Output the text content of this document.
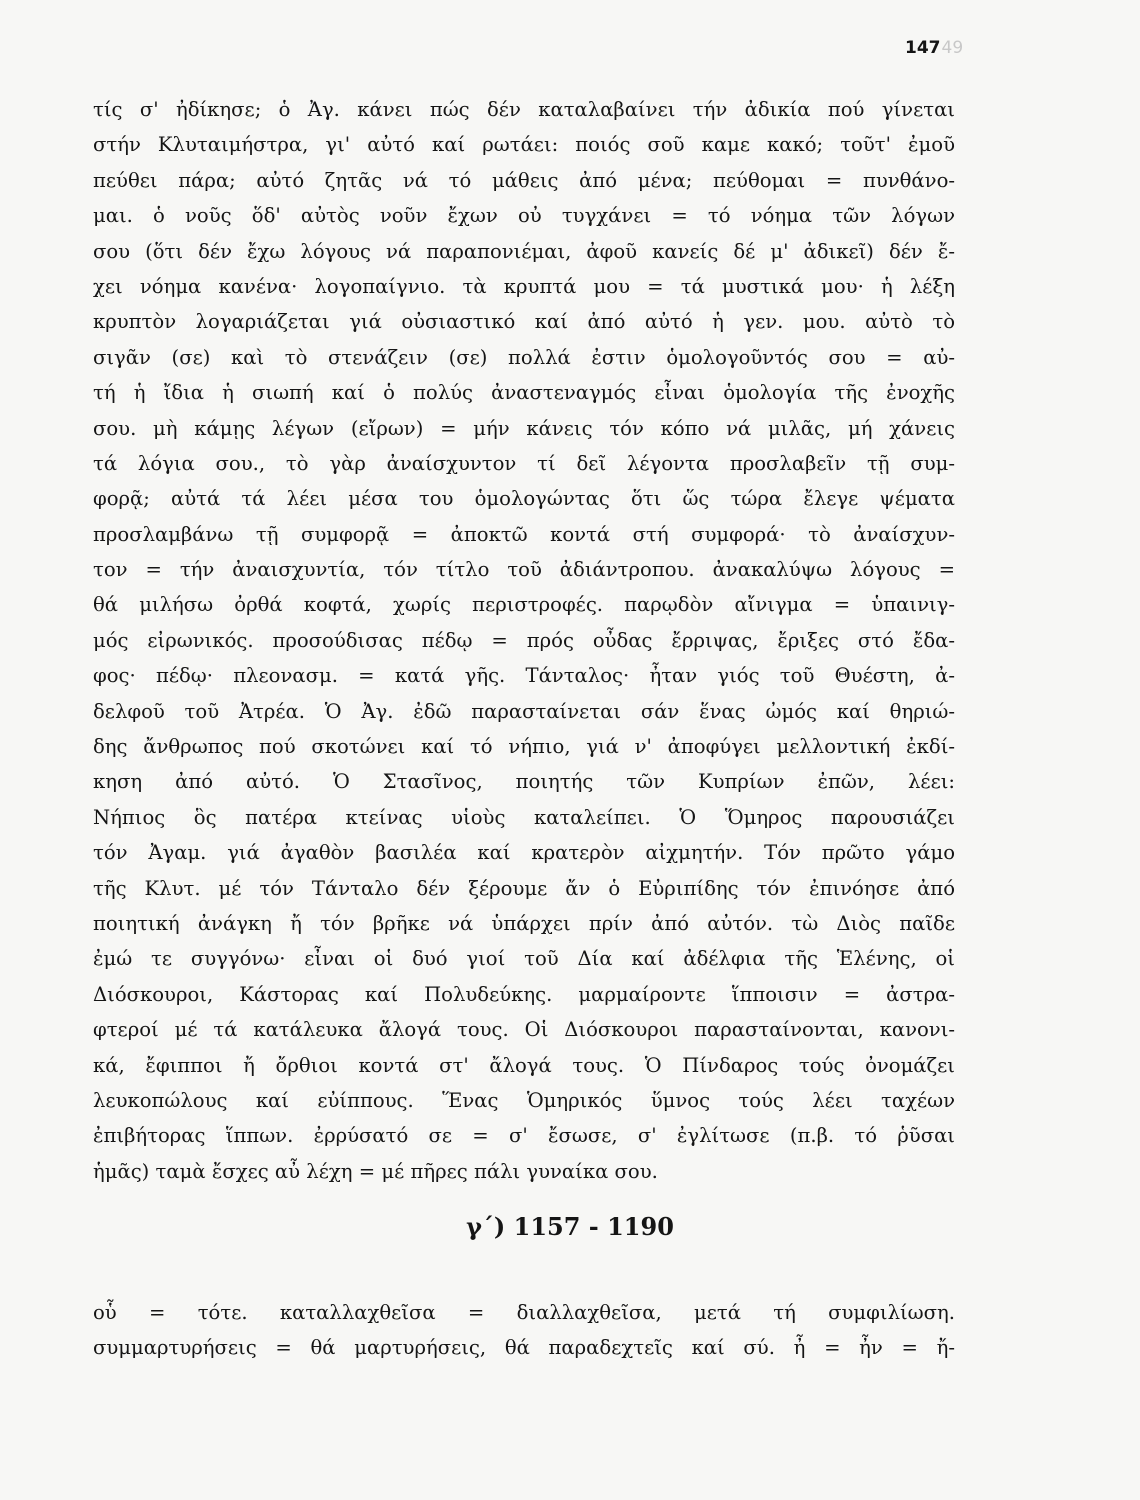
14749
τίς σ' ἠδίκησε; ὁ Ἀγ. κάνει πώς δέν καταλαβαίνει τήν ἀδικία πού γίνεται
στήν Κλυταιμήστρα, γι' αὐτό καί ρωτάει: ποιός σοῦ καμε κακό; τοῦτ' ἐμοῦ
πεύθει πάρα; αὐτό ζητᾶς νά τό μάθεις ἀπό μένα; πεύθομαι = πυνθάνο-
μαι. ὁ νοῦς ὅδ' αὐτὸς νοῦν ἔχων οὐ τυγχάνει = τό νόημα τῶν λόγων
σου (ὅτι δέν ἔχω λόγους νά παραπονιέμαι, ἀφοῦ κανείς δέ μ' ἀδικεῖ) δέν ἔ-
χει νόημα κανένα· λογοπαίγνιο. τὰ κρυπτά μου = τά μυστικά μου· ἡ λέξη
κρυπτὸν λογαριάζεται γιά οὐσιαστικό καί ἀπό αὐτό ἡ γεν. μου. αὐτὸ τὸ
σιγᾶν (σε) καὶ τὸ στενάζειν (σε) πολλά ἐστιν ὁμολογοῦντός σου = αὐ-
τή ἡ ἴδια ἡ σιωπή καί ὁ πολύς ἀναστεναγμός εἶναι ὁμολογία τῆς ἐνοχῆς
σου. μὴ κάμῃς λέγων (εἴρων) = μήν κάνεις τόν κόπο νά μιλᾶς, μή χάνεις
τά λόγια σου., τὸ γὰρ ἀναίσχυντον τί δεῖ λέγοντα προσλαβεῖν τῇ συμ-
φορᾷ; αὐτά τά λέει μέσα του ὁμολογώντας ὅτι ὥς τώρα ἔλεγε ψέματα
προσλαμβάνω τῇ συμφορᾷ = ἀποκτῶ κοντά στή συμφορά· τὸ ἀναίσχυν-
τον = τήν ἀναισχυντία, τόν τίτλο τοῦ ἀδιάντροπου. ἀνακαλύψω λόγους =
θά μιλήσω ὀρθά κοφτά, χωρίς περιστροφές. παρῳδὸν αἴνιγμα = ὑπαινιγ-
μός εἰρωνικός. προσούδισας πέδῳ = πρός οὖδας ἔρριψας, ἔριξες στό ἔδα-
φος· πέδῳ· πλεονασμ. = κατά γῆς. Τάνταλος· ἦταν γιός τοῦ Θυέστη, ἀ-
δελφοῦ τοῦ Ἀτρέα. Ὁ Ἀγ. ἐδῶ παρασταίνεται σάν ἕνας ὠμός καί θηριώ-
δης ἄνθρωπος πού σκοτώνει καί τό νήπιο, γιά ν' ἀποφύγει μελλοντική ἐκδί-
κηση ἀπό αὐτό. Ὁ Στασῖνος, ποιητής τῶν Κυπρίων ἐπῶν, λέει:
Νήπιος ὃς πατέρα κτείνας υἱοὺς καταλείπει. Ὁ Ὅμηρος παρουσιάζει
τόν Ἀγαμ. γιά ἀγαθὸν βασιλέα καί κρατερὸν αἰχμητήν. Τόν πρῶτο γάμο
τῆς Κλυτ. μέ τόν Τάνταλο δέν ξέρουμε ἄν ὁ Εὐριπίδης τόν ἐπινόησε ἀπό
ποιητική ἀνάγκη ἤ τόν βρῆκε νά ὑπάρχει πρίν ἀπό αὐτόν. τὼ Διὸς παῖδε
ἐμώ τε συγγόνω· εἶναι οἱ δυό γιοί τοῦ Δία καί ἀδέλφια τῆς Ἑλένης, οἱ
Διόσκουροι, Κάστορας καί Πολυδεύκης. μαρμαίροντε ἵπποισιν = ἀστρα-
φτεροί μέ τά κατάλευκα ἄλογά τους. Οἱ Διόσκουροι παρασταίνονται, κανονι-
κά, ἔφιπποι ἤ ὄρθιοι κοντά στ' ἄλογά τους. Ὁ Πίνδαρος τούς ὀνομάζει
λευκοπώλους καί εὐίππους. Ἕνας Ὁμηρικός ὕμνος τούς λέει ταχέων
ἐπιβήτορας ἵππων. ἐρρύσατό σε = σ' ἔσωσε, σ' ἐγλίτωσε (π.β. τό ῥῦσαι
ἡμᾶς) ταμὰ ἔσχες αὖ λέχη = μέ πῆρες πάλι γυναίκα σου.
γ΄) 1157 - 1190
οὗ = τότε. καταλλαχθεῖσα = διαλλαχθεῖσα, μετά τή συμφιλίωση.
συμμαρτυρήσεις = θά μαρτυρήσεις, θά παραδεχτεῖς καί σύ. ἦ = ἦν = ἤ-
